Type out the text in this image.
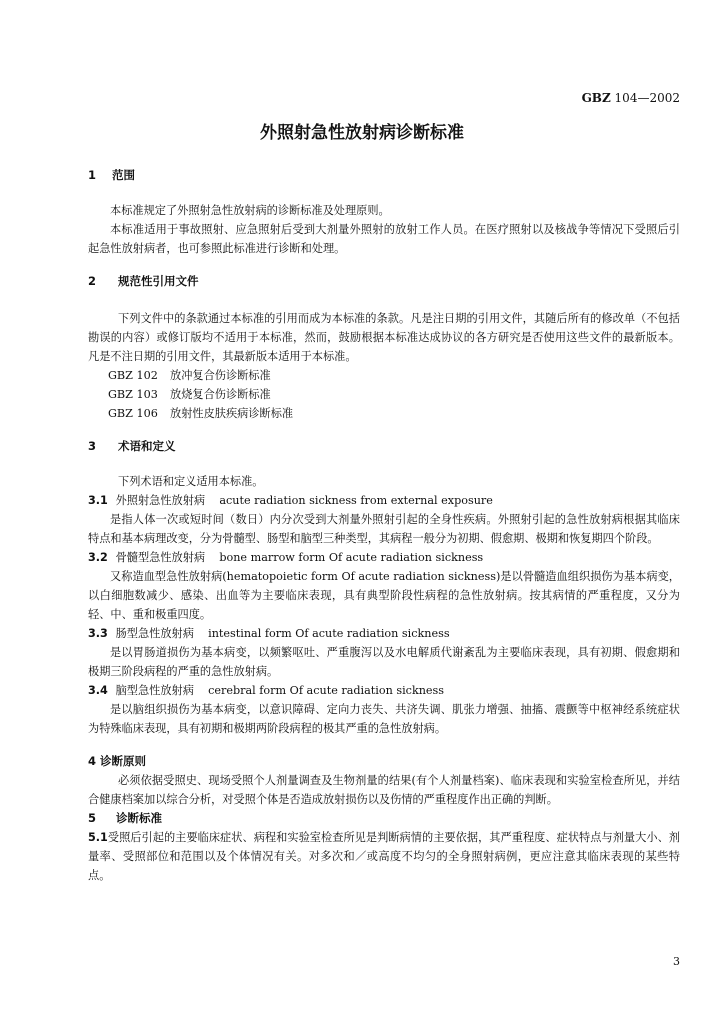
GBZ 104—2002
外照射急性放射病诊断标准
1 范围

本标准规定了外照射急性放射病的诊断标准及处理原则。

本标准适用于事故照射、应急照射后受到大剂量外照射的放射工作人员。在医疗照射以及核战争等情况下受照后引起急性放射病者，也可参照此标准进行诊断和处理。

2 规范性引用文件

下列文件中的条款通过本标准的引用而成为本标准的条款。凡是注日期的引用文件，其随后所有的修改单（不包括勘误的内容）或修订版均不适用于本标准，然而，鼓励根据本标准达成协议的各方研究是否使用这些文件的最新版本。凡是不注日期的引用文件，其最新版本适用于本标准。

GBZ 102 放冲复合伤诊断标准
GBZ 103 放烧复合伤诊断标准
GBZ 106 放射性皮肤疾病诊断标准
3 术语和定义

下列术语和定义适用本标准。

3.1 外照射急性放射病 acute radiation sickness from external exposure

是指人体一次或短时间（数日）内分次受到大剂量外照射引起的全身性疾病。外照射引起的急性放射病根据其临床特点和基本病理改变，分为骨髓型、肠型和脑型三种类型，其病程一般分为初期、假愈期、极期和恢复期四个阶段。

3.2 骨髓型急性放射病 bone marrow form Of acute radiation sickness

又称造血型急性放射病(hematopoietic form Of acute radiation sickness)是以骨髓造血组织损伤为基本病变，以白细胞数减少、感染、出血等为主要临床表现，具有典型阶段性病程的急性放射病。按其病情的严重程度，又分为轻、中、重和极重四度。

3.3 肠型急性放射病 intestinal form Of acute radiation sickness

是以胃肠道损伤为基本病变，以频繁呕吐、严重腹泻以及水电解质代谢紊乱为主要临床表现，具有初期、假愈期和极期三阶段病程的严重的急性放射病。

3.4 脑型急性放射病 cerebral form Of acute radiation sickness

是以脑组织损伤为基本病变，以意识障碍、定向力丧失、共济失调、肌张力增强、抽搐、震颤等中枢神经系统症状为特殊临床表现，具有初期和极期两阶段病程的极其严重的急性放射病。

4 诊断原则

必须依据受照史、现场受照个人剂量调查及生物剂量的结果(有个人剂量档案)、临床表现和实验室检查所见，并结合健康档案加以综合分析，对受照个体是否造成放射损伤以及伤情的严重程度作出正确的判断。

5 诊断标准

5.1受照后引起的主要临床症状、病程和实验室检查所见是判断病情的主要依据，其严重程度、症状特点与剂量大小、剂量率、受照部位和范围以及个体情况有关。对多次和／或高度不均匀的全身照射病例，更应注意其临床表现的某些特点。

3
